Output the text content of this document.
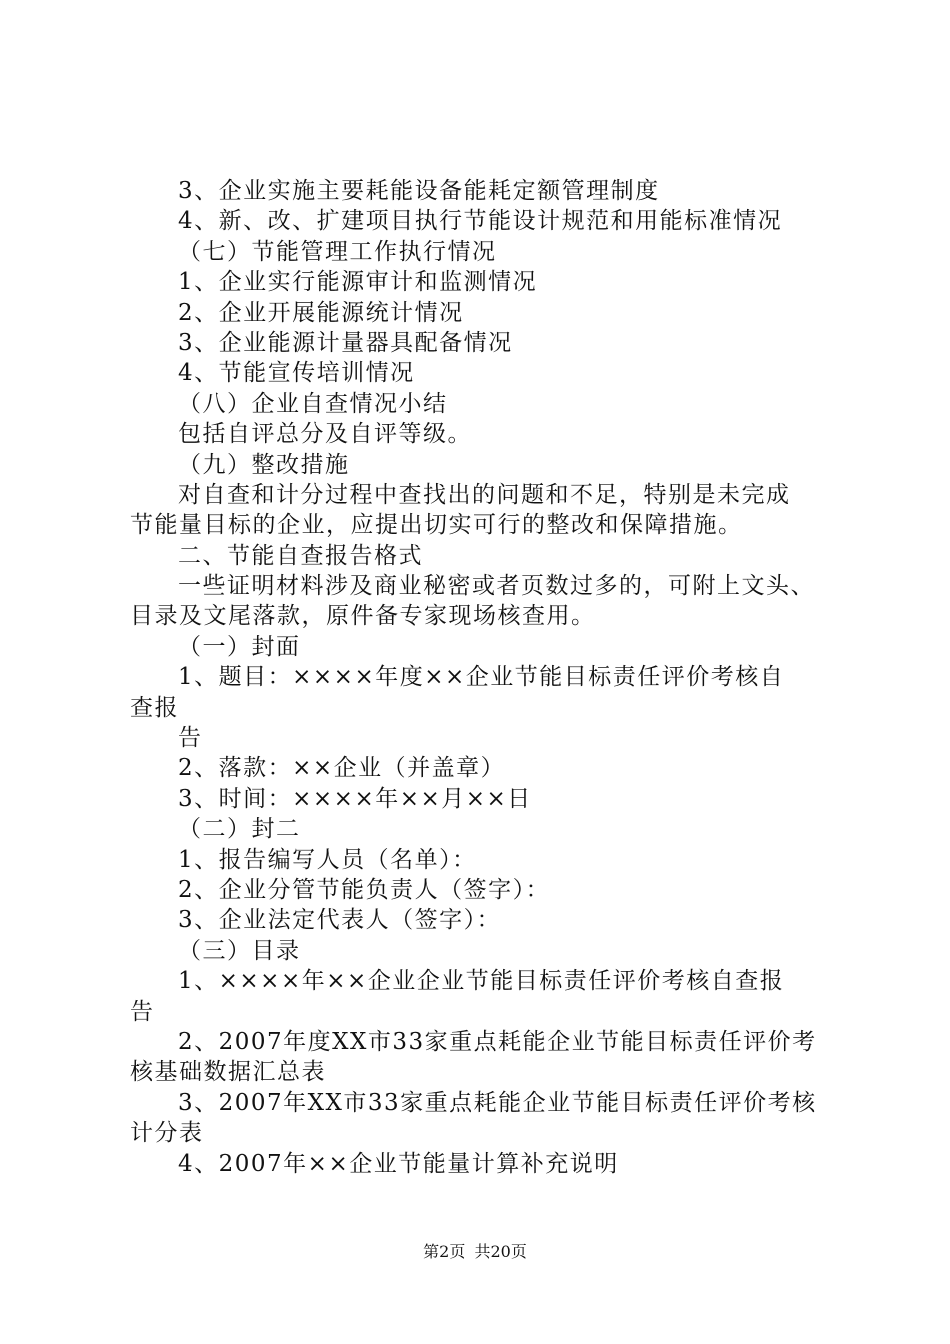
3、企业实施主要耗能设备能耗定额管理制度
4、新、改、扩建项目执行节能设计规范和用能标准情况
（七）节能管理工作执行情况
1、企业实行能源审计和监测情况
2、企业开展能源统计情况
3、企业能源计量器具配备情况
4、节能宣传培训情况
（八）企业自查情况小结
包括自评总分及自评等级。
（九）整改措施
对自查和计分过程中查找出的问题和不足，特别是未完成
节能量目标的企业，应提出切实可行的整改和保障措施。
二、节能自查报告格式
一些证明材料涉及商业秘密或者页数过多的，可附上文头、
目录及文尾落款，原件备专家现场核查用。
（一）封面
1、题目：××××年度××企业节能目标责任评价考核自
查报
告
2、落款：××企业（并盖章）
3、时间：××××年××月××日
（二）封二
1、报告编写人员（名单）：
2、企业分管节能负责人（签字）：
3、企业法定代表人（签字）：
（三）目录
1、××××年××企业企业节能目标责任评价考核自查报
告
2、2007年度XX市33家重点耗能企业节能目标责任评价考
核基础数据汇总表
3、2007年XX市33家重点耗能企业节能目标责任评价考核
计分表
4、2007年××企业节能量计算补充说明
第2页 共20页
